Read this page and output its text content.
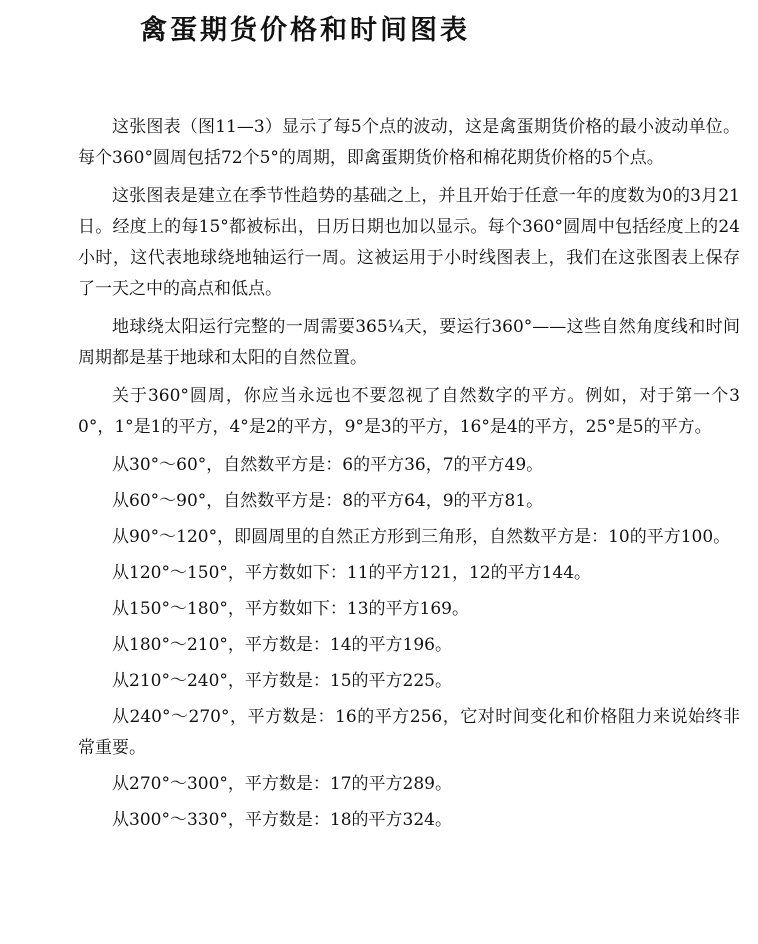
禽蛋期货价格和时间图表

这张图表（图11—3）显示了每5个点的波动，这是禽蛋期货价格的最小波动单位。每个360°圆周包括72个5°的周期，即禽蛋期货价格和棉花期货价格的5个点。

这张图表是建立在季节性趋势的基础之上，并且开始于任意一年的度数为0的3月21日。经度上的每15°都被标出，日历日期也加以显示。每个360°圆周中包括经度上的24小时，这代表地球绕地轴运行一周。这被运用于小时线图表上，我们在这张图表上保存了一天之中的高点和低点。

地球绕太阳运行完整的一周需要365¼天，要运行360°——这些自然角度线和时间周期都是基于地球和太阳的自然位置。

关于360°圆周，你应当永远也不要忽视了自然数字的平方。例如，对于第一个30°，1°是1的平方，4°是2的平方，9°是3的平方，16°是4的平方，25°是5的平方。

从30°～60°，自然数平方是：6的平方36，7的平方49。

从60°～90°，自然数平方是：8的平方64，9的平方81。

从90°～120°，即圆周里的自然正方形到三角形，自然数平方是：10的平方100。

从120°～150°，平方数如下：11的平方121，12的平方144。

从150°～180°，平方数如下：13的平方169。

从180°～210°，平方数是：14的平方196。

从210°～240°，平方数是：15的平方225。

从240°～270°，平方数是：16的平方256，它对时间变化和价格阻力来说始终非常重要。

从270°～300°，平方数是：17的平方289。

从300°～330°，平方数是：18的平方324。
